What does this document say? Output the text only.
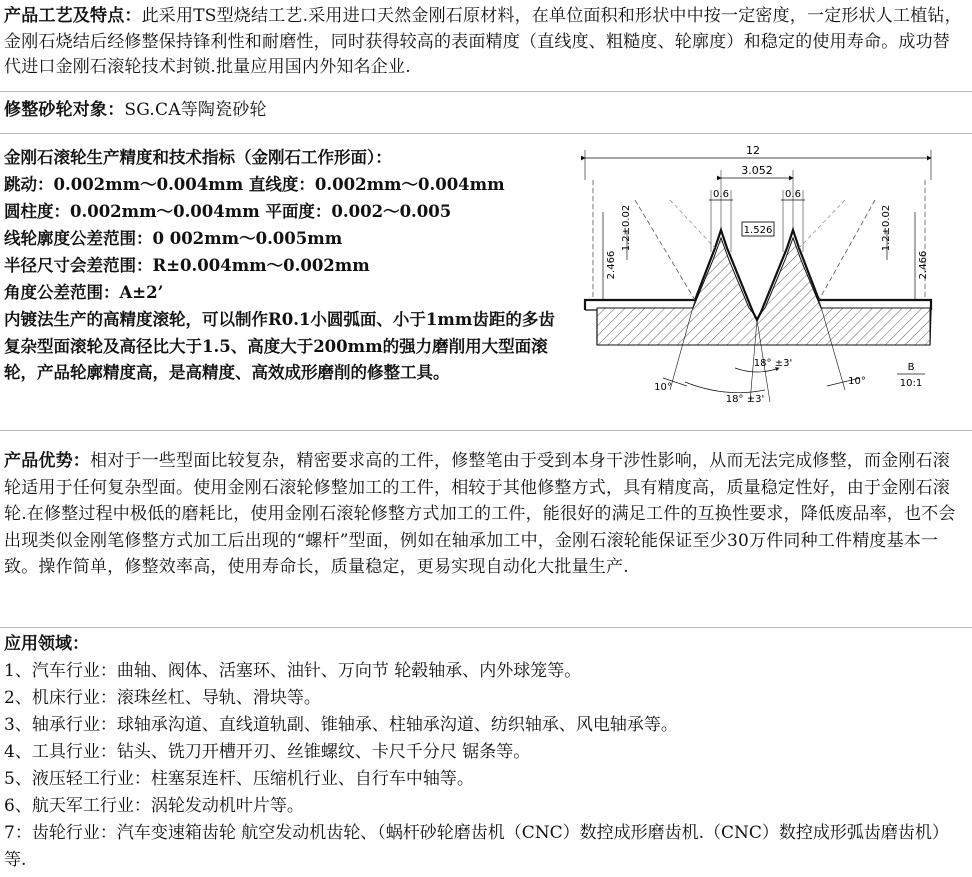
产品工艺及特点：此采用TS型烧结工艺.采用进口天然金刚石原材料，在单位面积和形状中中按一定密度，一定形状人工植钻，金刚石烧结后经修整保持锋利性和耐磨性，同时获得较高的表面精度（直线度、粗糙度、轮廓度）和稳定的使用寿命。成功替代进口金刚石滚轮技术封锁.批量应用国内外知名企业.
修整砂轮对象：SG.CA等陶瓷砂轮
金刚石滚轮生产精度和技术指标（金刚石工作形面）：
跳动：0.002mm～0.004mm 直线度：0.002mm～0.004mm
圆柱度：0.002mm～0.004mm 平面度：0.002～0.005
线轮廓度公差范围：0 002mm～0.005mm
半径尺寸会差范围：R±0.004mm～0.002mm
角度公差范围：A±2’
内镀法生产的高精度滚轮，可以制作R0.1小圆弧面、小于1mm齿距的多齿复杂型面滚轮及高径比大于1.5、高度大于200mm的强力磨削用大型面滚轮，产品轮廓精度高，是高精度、高效成形磨削的修整工具。
12
3.052
0.6	0.6
1.526
2.466
1.2±0.02
2.466
1.2±0.02
18° ±3'
18° ±3'
10°
10°
B
10:1
产品优势：相对于一些型面比较复杂，精密要求高的工件，修整笔由于受到本身干涉性影响，从而无法完成修整，而金刚石滚轮适用于任何复杂型面。使用金刚石滚轮修整加工的工件，相较于其他修整方式，具有精度高，质量稳定性好，由于金刚石滚轮.在修整过程中极低的磨耗比，使用金刚石滚轮修整方式加工的工件，能很好的满足工件的互换性要求，降低废品率，也不会出现类似金刚笔修整方式加工后出现的“螺杆”型面，例如在轴承加工中，金刚石滚轮能保证至少30万件同种工件精度基本一致。操作简单，修整效率高，使用寿命长，质量稳定，更易实现自动化大批量生产.
应用领域：
1、汽车行业：曲轴、阀体、活塞环、油针、万向节 轮毂轴承、内外球笼等。
2、机床行业：滚珠丝杠、导轨、滑块等。
3、轴承行业：球轴承沟道、直线道轨副、锥轴承、柱轴承沟道、纺织轴承、风电轴承等。
4、工具行业：钻头、铣刀开槽开刃、丝锥螺纹、卡尺千分尺 锯条等。
5、液压轻工行业：柱塞泵连杆、压缩机行业、自行车中轴等。
6、航天军工行业：涡轮发动机叶片等。
7：齿轮行业：汽车变速箱齿轮 航空发动机齿轮、（蜗杆砂轮磨齿机（CNC）数控成形磨齿机.（CNC）数控成形弧齿磨齿机）等.
